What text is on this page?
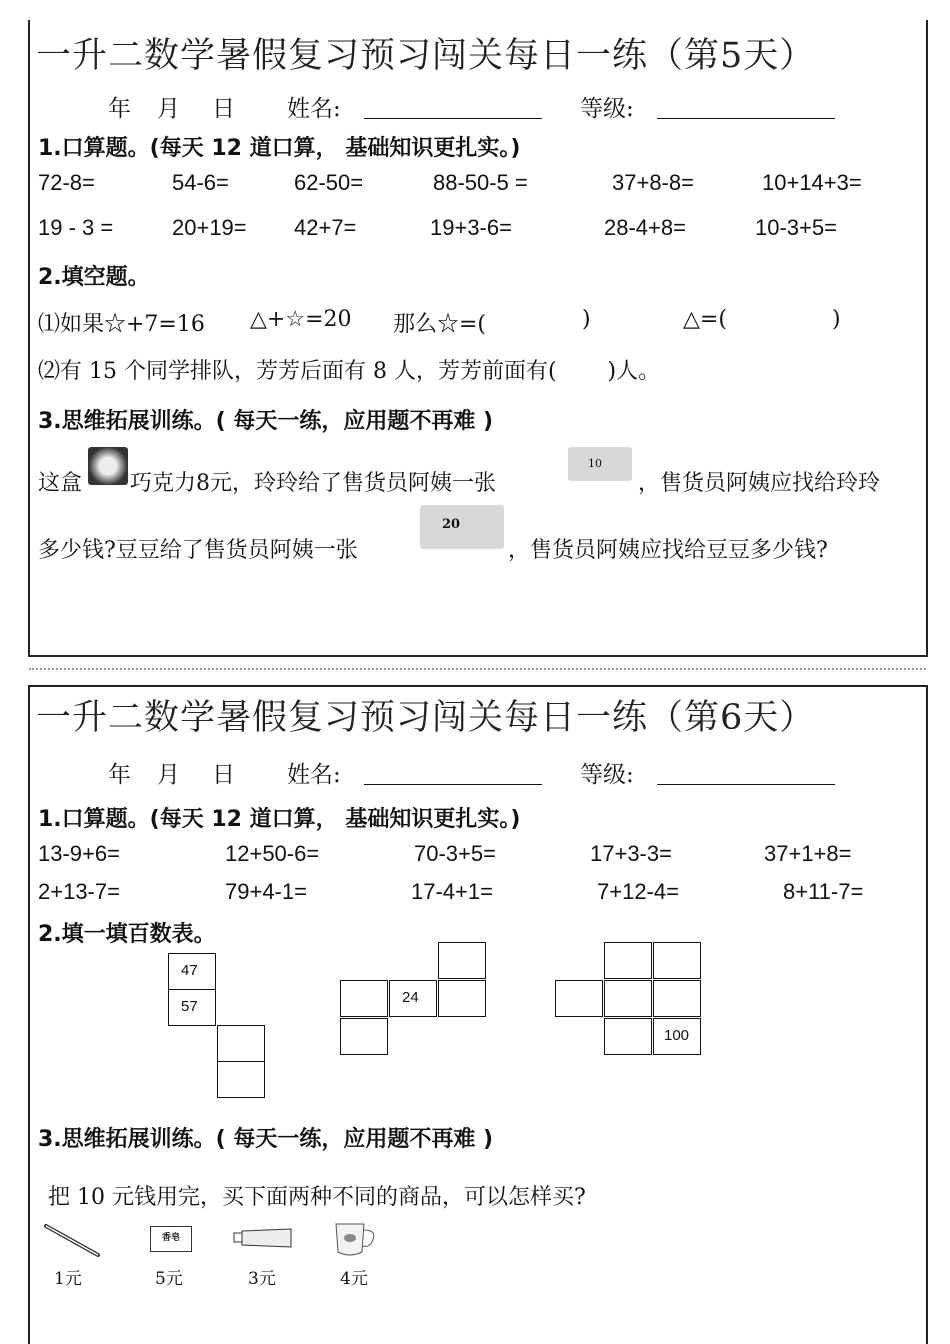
一升二数学暑假复习预习闯关每日一练（第5天）
年 月 日 姓名:	等级:
1.口算题。(每天 12 道口算， 基础知识更扎实。)
72-8=	54-6=	62-50=	88-50-5 =	37+8-8=	10+14+3=
19 - 3 =	20+19= 42+7=	19+3-6=	28-4+8=	10-3+5=
2.填空题。
⑴如果☆+7=16 △+☆=20 那么☆=(	)	△=(	)
⑵有 15 个同学排队，芳芳后面有 8 人，芳芳前面有(　　 )人。
3.思维拓展训练。( 每天一练，应用题不再难 )
这盒 巧克力8元，玲玲给了售货员阿姨一张
10
，售货员阿姨应找给玲玲
多少钱?豆豆给了售货员阿姨一张
20
，售货员阿姨应找给豆豆多少钱?
一升二数学暑假复习预习闯关每日一练（第6天）
年 月 日 姓名:	等级:
1.口算题。(每天 12 道口算， 基础知识更扎实。)
13-9+6=	12+50-6=	70-3+5=	17+3-3=	37+1+8=
2+13-7=	79+4-1=	17-4+1=	7+12-4=	8+11-7=
2.填一填百数表。
47
57
24
100
3.思维拓展训练。( 每天一练，应用题不再难 )
把 10 元钱用完，买下面两种不同的商品，可以怎样买?
1元
香皂
5元	3元	4元
